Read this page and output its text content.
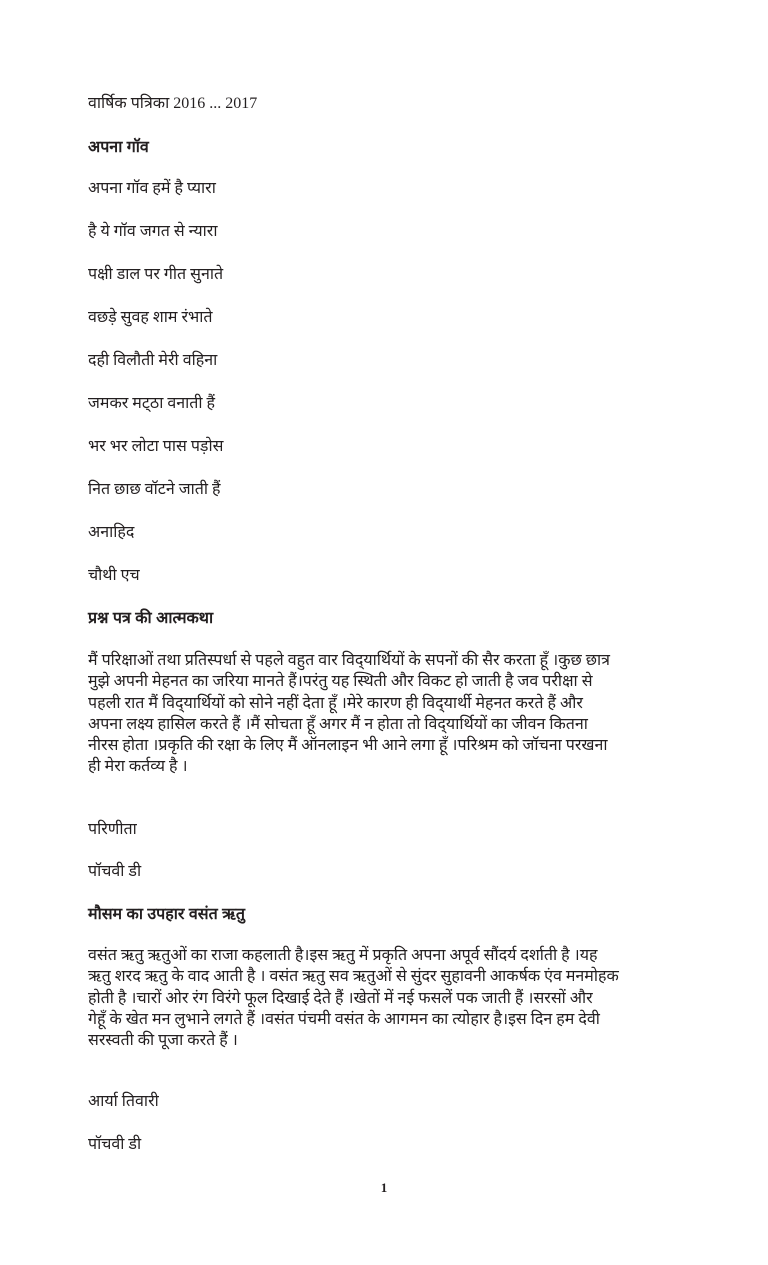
वार्षिक पत्रिका 2016 ... 2017
अपना गॉव
अपना गॉव हमें है प्यारा
है ये गॉव जगत से न्यारा
पक्षी डाल पर गीत सुनाते
वछड़े सुवह शाम रंभाते
दही विलौती मेरी वहिना
जमकर मट्‌ठा वनाती हैं
भर भर लोटा पास पड़ोस
नित छाछ वॉटने जाती हैं
अनाहिद
चौथी एच
प्रश्न पत्र की आत्मकथा
मैं परिक्षाओं तथा प्रतिस्पर्धा से पहले वहुत वार विद्‌यार्थियों के सपनों की सैर करता हूँ ।कुछ छात्र
मुझे अपनी मेहनत का जरिया मानते हैं।परंतु यह स्थिती और विकट हो जाती है जव परीक्षा से
पहली रात मैं विद्‌यार्थियों को सोने नहीं देता हूँ ।मेरे कारण ही विद्‌यार्थी मेहनत करते हैं और
अपना लक्ष्य हासिल करते हैं ।मैं सोचता हूँ अगर मैं न होता तो विद्‌यार्थियों का जीवन कितना
नीरस होता ।प्रकृति की रक्षा के लिए मैं ऑनलाइन भी आने लगा हूँ ।परिश्रम को जॉचना परखना
ही मेरा कर्तव्य है ।
परिणीता
पॉचवी डी
मौसम का उपहार वसंत ऋतु
वसंत ऋतु ऋतुओं का राजा कहलाती है।इस ऋतु में प्रकृति अपना अपूर्व सौंदर्य दर्शाती है ।यह
ऋतु शरद ऋतु के वाद आती है । वसंत ऋतु सव ऋतुओं से सुंदर सुहावनी आकर्षक एंव मनमोहक
होती है ।चारों ओर रंग विरंगे फूल दिखाई देते हैं ।खेतों में नई फसलें पक जाती हैं ।सरसों और
गेहूँ के खेत मन लुभाने लगते हैं ।वसंत पंचमी वसंत के आगमन का त्योहार है।इस दिन हम देवी
सरस्वती की पूजा करते हैं ।
आर्या तिवारी
पॉचवी डी
1
